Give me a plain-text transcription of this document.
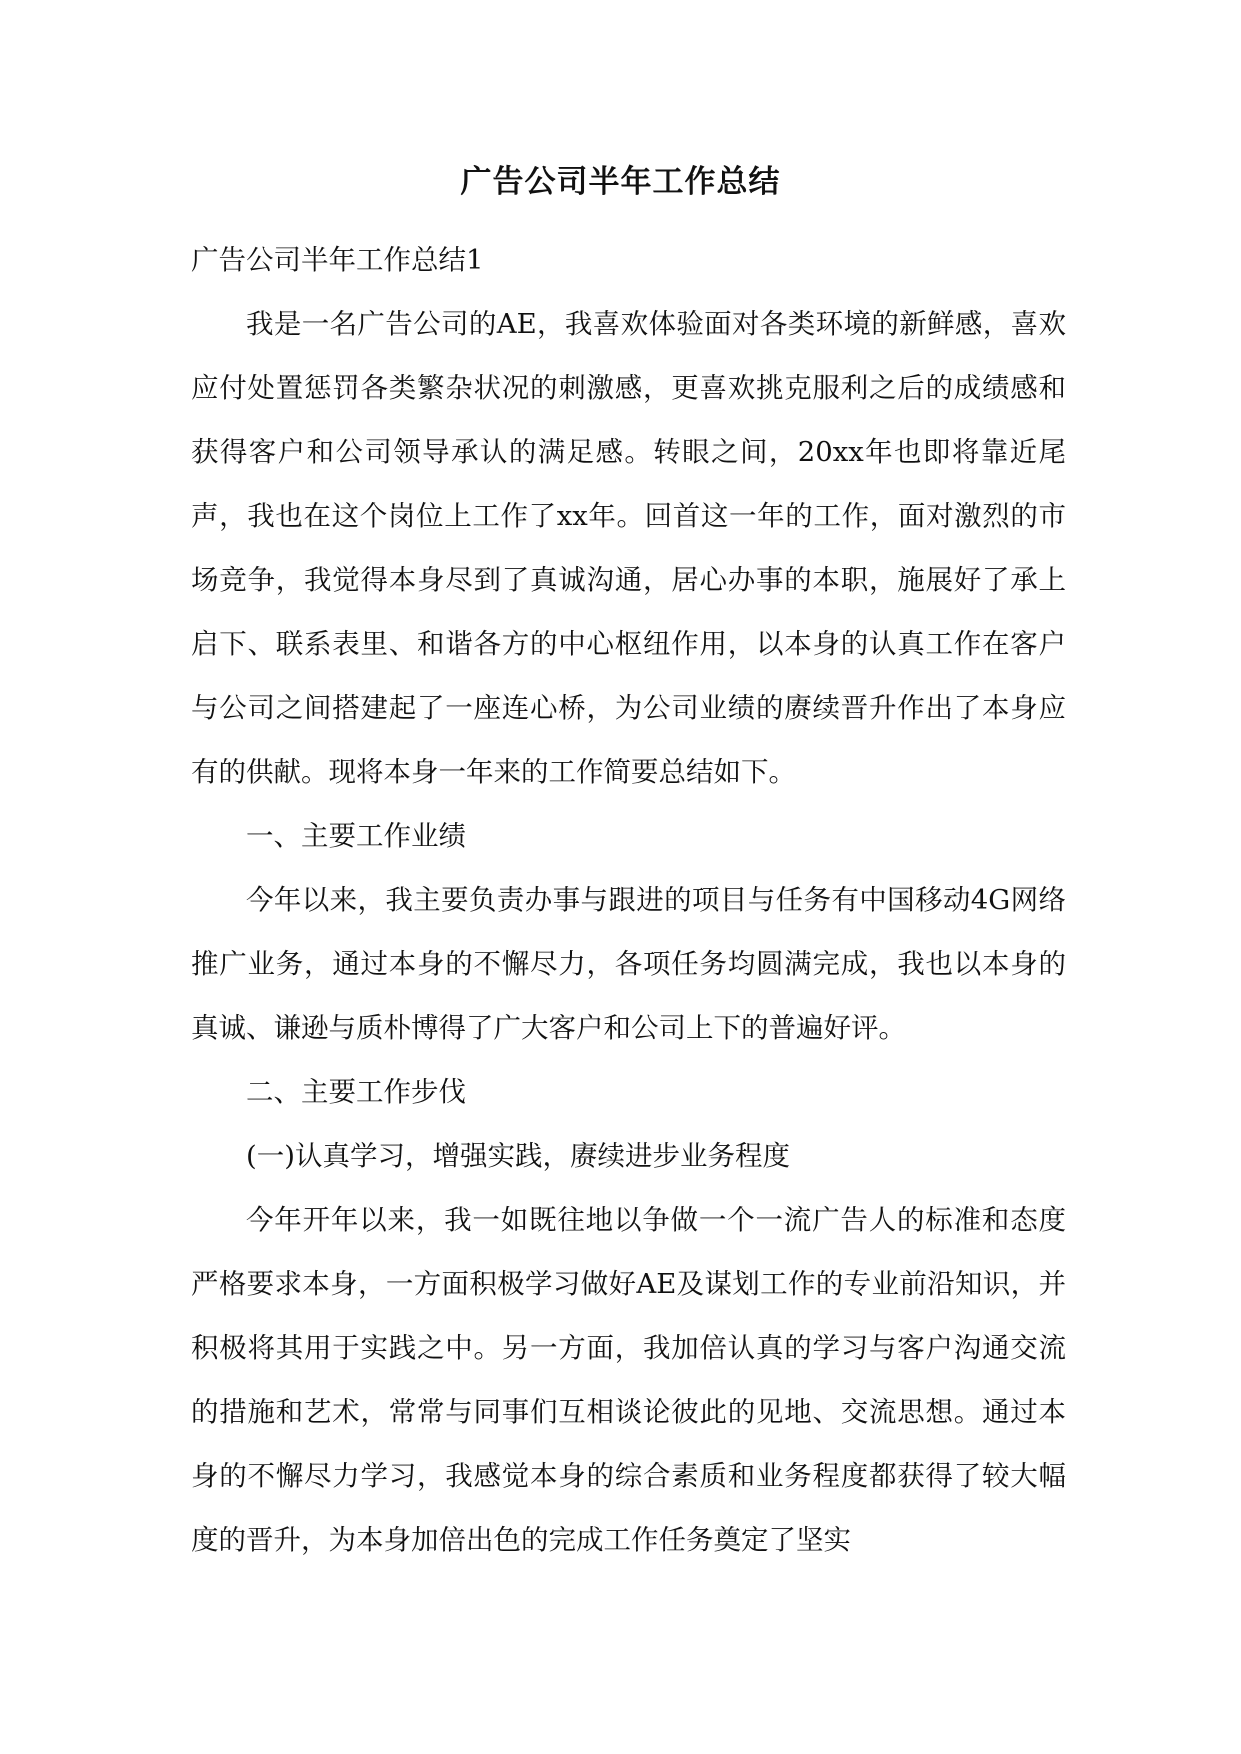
广告公司半年工作总结

广告公司半年工作总结1

我是一名广告公司的AE，我喜欢体验面对各类环境的新鲜感，喜欢应付处置惩罚各类繁杂状况的刺激感，更喜欢挑克服利之后的成绩感和获得客户和公司领导承认的满足感。转眼之间，20xx年也即将靠近尾声，我也在这个岗位上工作了xx年。回首这一年的工作，面对激烈的市场竞争，我觉得本身尽到了真诚沟通，居心办事的本职，施展好了承上启下、联系表里、和谐各方的中心枢纽作用，以本身的认真工作在客户与公司之间搭建起了一座连心桥，为公司业绩的赓续晋升作出了本身应有的供献。现将本身一年来的工作简要总结如下。

一、主要工作业绩

今年以来，我主要负责办事与跟进的项目与任务有中国移动4G网络推广业务，通过本身的不懈尽力，各项任务均圆满完成，我也以本身的真诚、谦逊与质朴博得了广大客户和公司上下的普遍好评。

二、主要工作步伐

(一)认真学习，增强实践，赓续进步业务程度

今年开年以来，我一如既往地以争做一个一流广告人的标准和态度严格要求本身，一方面积极学习做好AE及谋划工作的专业前沿知识，并积极将其用于实践之中。另一方面，我加倍认真的学习与客户沟通交流的措施和艺术，常常与同事们互相谈论彼此的见地、交流思想。通过本身的不懈尽力学习，我感觉本身的综合素质和业务程度都获得了较大幅度的晋升，为本身加倍出色的完成工作任务奠定了坚实
